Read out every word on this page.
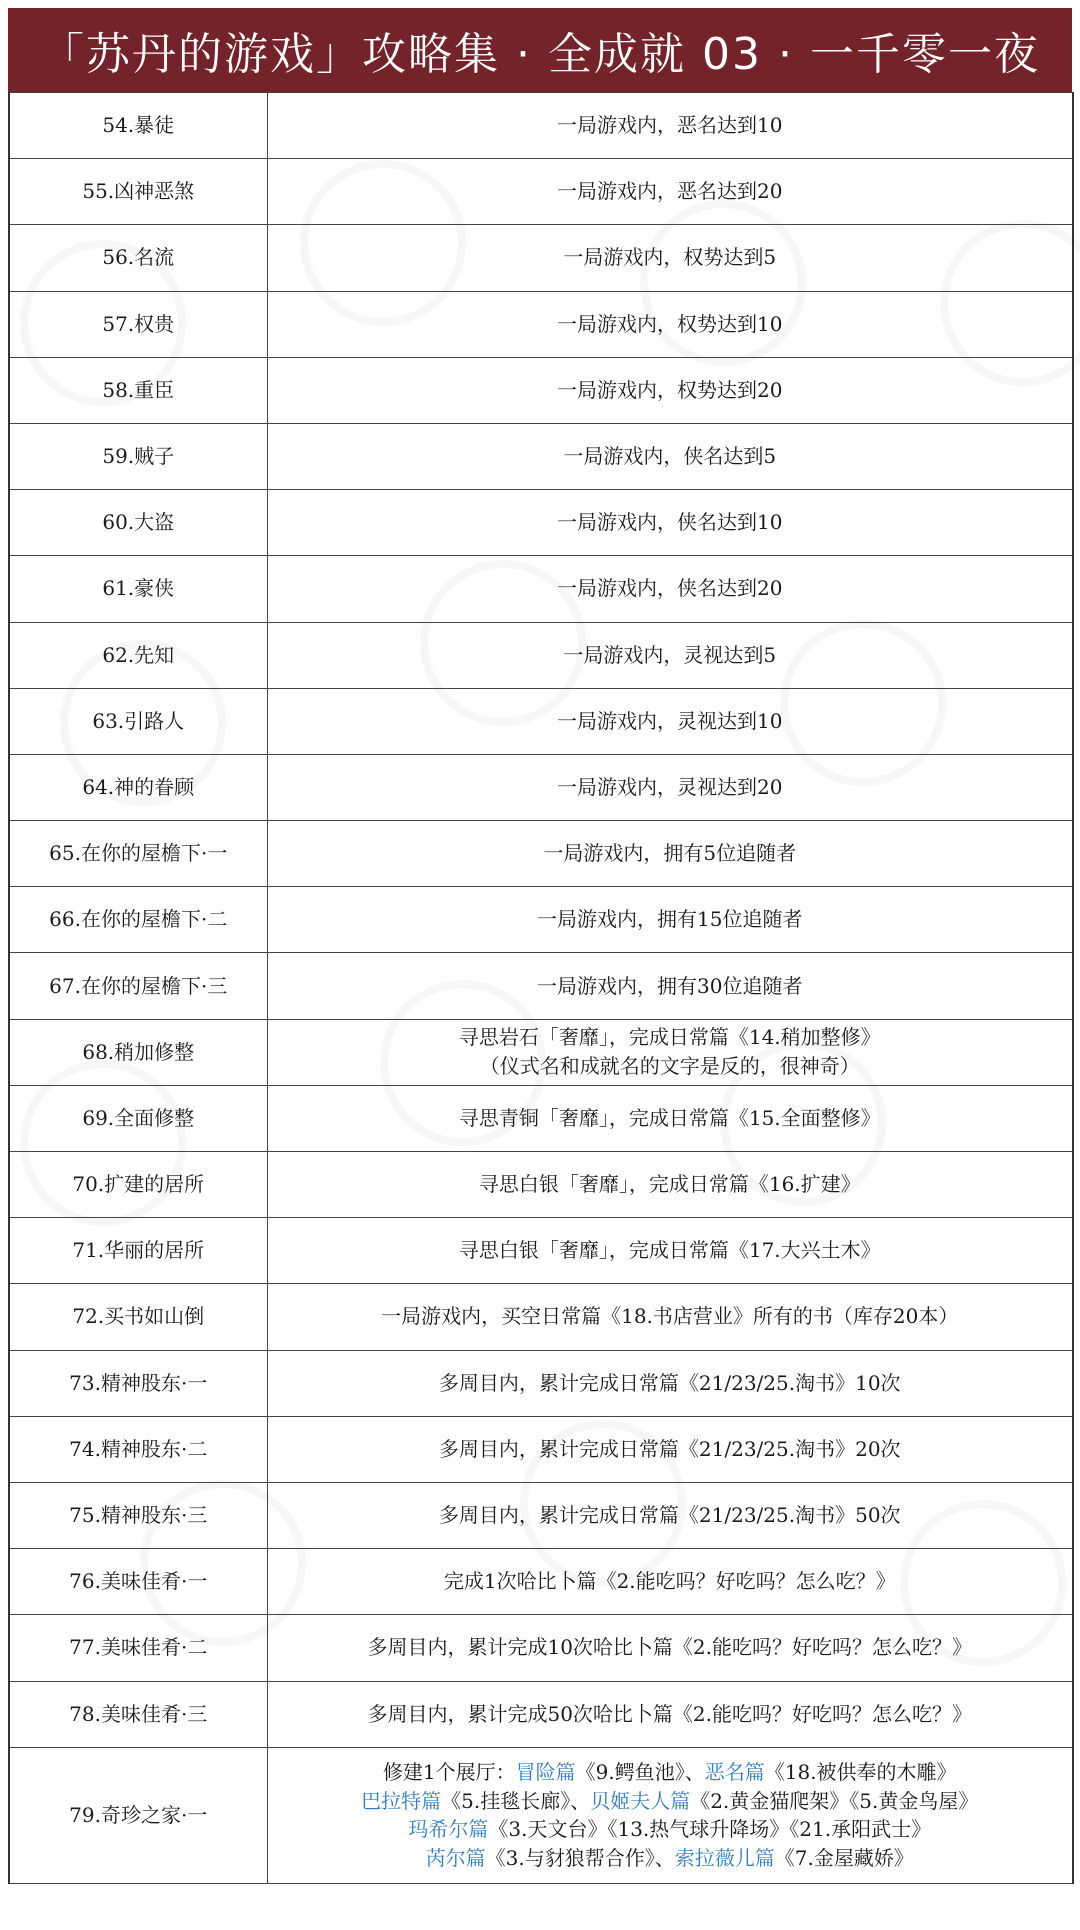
「苏丹的游戏」攻略集 · 全成就 03 · 一千零一夜
54.暴徒	一局游戏内，恶名达到10
55.凶神恶煞	一局游戏内，恶名达到20
56.名流	一局游戏内，权势达到5
57.权贵	一局游戏内，权势达到10
58.重臣	一局游戏内，权势达到20
59.贼子	一局游戏内，侠名达到5
60.大盗	一局游戏内，侠名达到10
61.豪侠	一局游戏内，侠名达到20
62.先知	一局游戏内，灵视达到5
63.引路人	一局游戏内，灵视达到10
64.神的眷顾	一局游戏内，灵视达到20
65.在你的屋檐下·一	一局游戏内，拥有5位追随者
66.在你的屋檐下·二	一局游戏内，拥有15位追随者
67.在你的屋檐下·三	一局游戏内，拥有30位追随者
68.稍加修整	寻思岩石「奢靡」，完成日常篇《14.稍加整修》
（仪式名和成就名的文字是反的，很神奇）

69.全面修整	寻思青铜「奢靡」，完成日常篇《15.全面整修》
70.扩建的居所	寻思白银「奢靡」，完成日常篇《16.扩建》
71.华丽的居所	寻思白银「奢靡」，完成日常篇《17.大兴土木》
72.买书如山倒	一局游戏内，买空日常篇《18.书店营业》所有的书（库存20本）
73.精神股东·一	多周目内，累计完成日常篇《21/23/25.淘书》10次
74.精神股东·二	多周目内，累计完成日常篇《21/23/25.淘书》20次
75.精神股东·三	多周目内，累计完成日常篇《21/23/25.淘书》50次
76.美味佳肴·一	完成1次哈比卜篇《2.能吃吗？好吃吗？怎么吃？》
77.美味佳肴·二	多周目内，累计完成10次哈比卜篇《2.能吃吗？好吃吗？怎么吃？》
78.美味佳肴·三	多周目内，累计完成50次哈比卜篇《2.能吃吗？好吃吗？怎么吃？》
79.奇珍之家·一	修建1个展厅：冒险篇《9.鳄鱼池》、恶名篇《18.被供奉的木雕》
巴拉特篇《5.挂毯长廊》、贝姬夫人篇《2.黄金猫爬架》《5.黄金鸟屋》
玛希尔篇《3.天文台》《13.热气球升降场》《21.承阳武士》
芮尔篇《3.与豺狼帮合作》、索拉薇儿篇《7.金屋藏娇》
